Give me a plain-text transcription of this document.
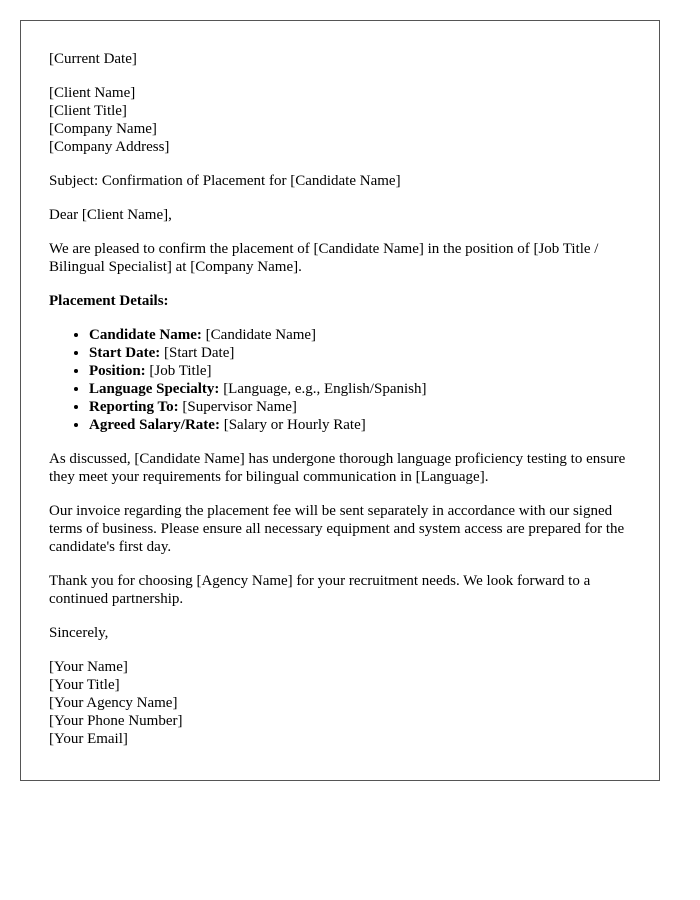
[Current Date]
[Client Name]
[Client Title]
[Company Name]
[Company Address]
Subject: Confirmation of Placement for [Candidate Name]
Dear [Client Name],
We are pleased to confirm the placement of [Candidate Name] in the position of [Job Title / Bilingual Specialist] at [Company Name].
Placement Details:
• Candidate Name: [Candidate Name]
• Start Date: [Start Date]
• Position: [Job Title]
• Language Specialty: [Language, e.g., English/Spanish]
• Reporting To: [Supervisor Name]
• Agreed Salary/Rate: [Salary or Hourly Rate]
As discussed, [Candidate Name] has undergone thorough language proficiency testing to ensure they meet your requirements for bilingual communication in [Language].
Our invoice regarding the placement fee will be sent separately in accordance with our signed terms of business. Please ensure all necessary equipment and system access are prepared for the candidate's first day.
Thank you for choosing [Agency Name] for your recruitment needs. We look forward to a continued partnership.
Sincerely,
[Your Name]
[Your Title]
[Your Agency Name]
[Your Phone Number]
[Your Email]
